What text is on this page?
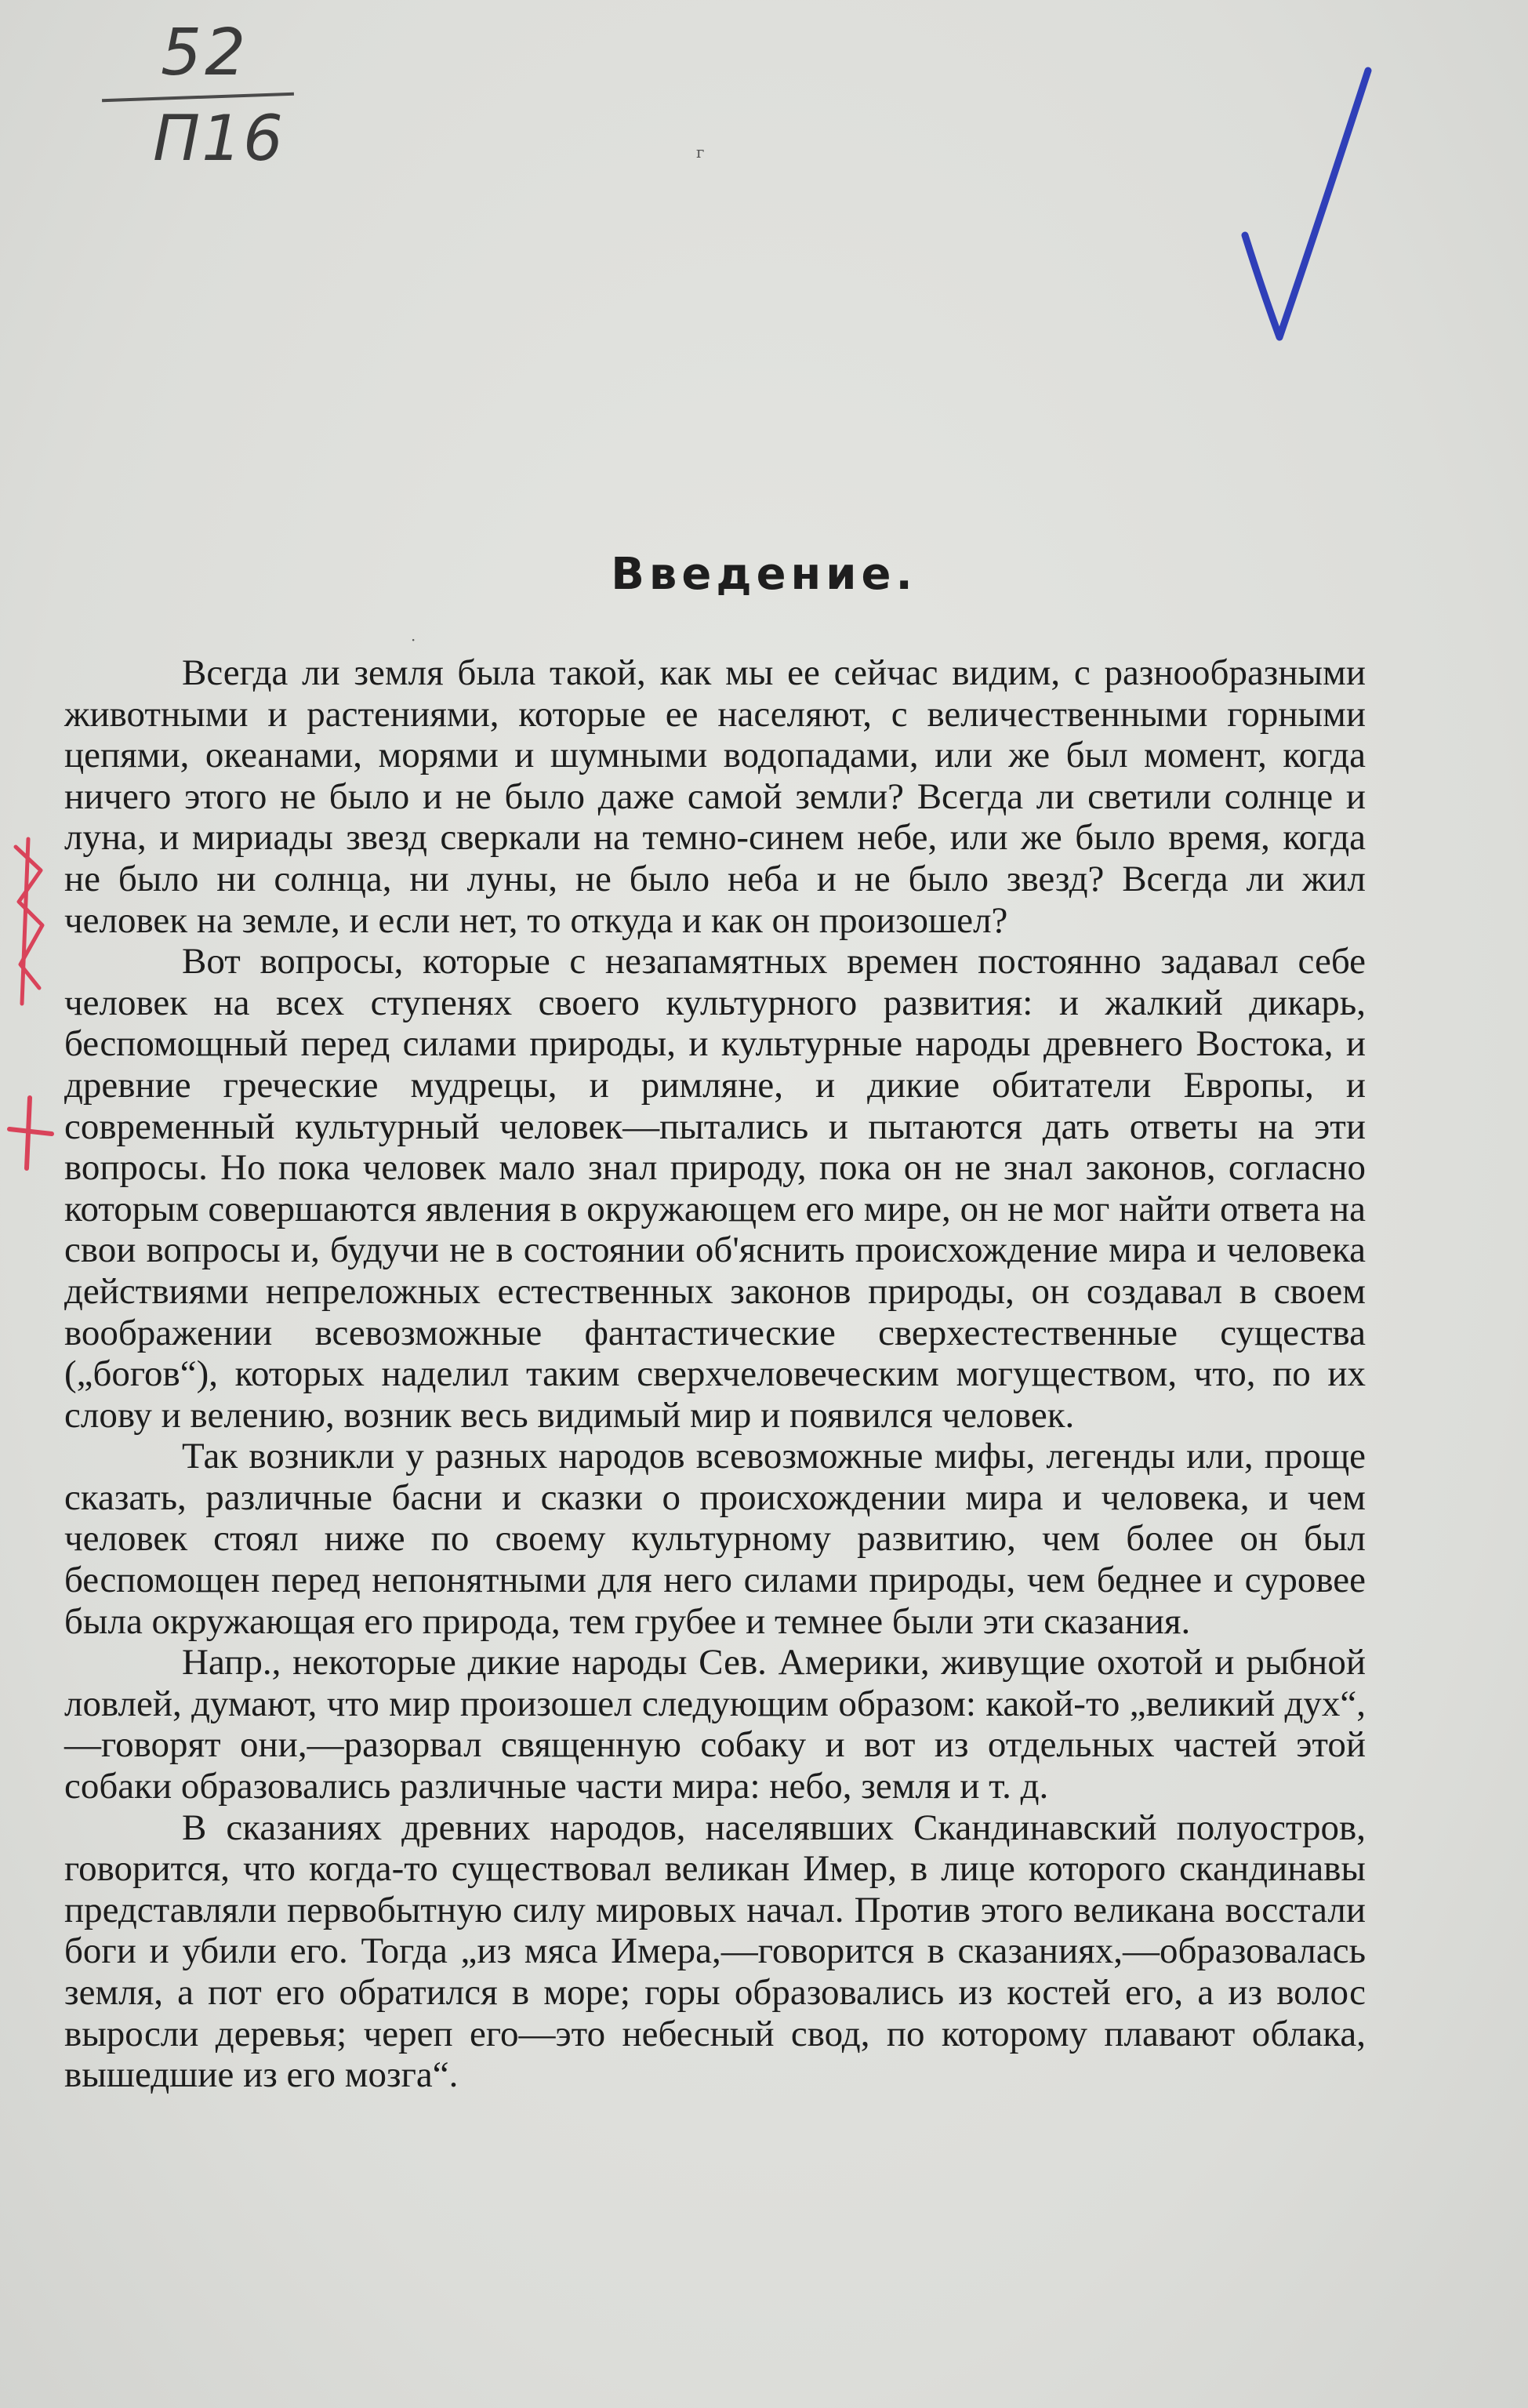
52
П16	г
·
Введение.

Всегда ли земля была такой, как мы ее сейчас видим, с разнообразными животными и растениями, которые ее населяют, с величественными горными цепями, океанами, морями и шумными водопадами, или же был момент, когда ничего этого не было и не было даже самой земли? Всегда ли светили солнце и луна, и мириады звезд сверкали на темно-синем небе, или же было время, когда не было ни солнца, ни луны, не было неба и не было звезд? Всегда ли жил человек на земле, и если нет, то откуда и как он произошел?

Вот вопросы, которые с незапамятных времен постоянно задавал себе человек на всех ступенях своего культурного развития: и жалкий дикарь, беспомощный перед силами природы, и культурные народы древнего Востока, и древние греческие мудрецы, и римляне, и дикие обитатели Европы, и современный культурный человек—пытались и пытаются дать ответы на эти вопросы. Но пока человек мало знал природу, пока он не знал законов, согласно которым совершаются явления в окружающем его мире, он не мог найти ответа на свои вопросы и, будучи не в состоянии об'яснить происхождение мира и человека действиями непреложных естественных законов природы, он создавал в своем воображении всевозможные фантастические сверхестественные существа („богов“), которых наделил таким сверхчеловеческим могуществом, что, по их слову и велению, возник весь видимый мир и появился человек.

Так возникли у разных народов всевозможные мифы, легенды или, проще сказать, различные басни и сказки о происхождении мира и человека, и чем человек стоял ниже по своему культурному развитию, чем более он был беспомощен перед непонятными для него силами природы, чем беднее и суровее была окружающая его природа, тем грубее и темнее были эти сказания.

Напр., некоторые дикие народы Сев. Америки, живущие охотой и рыбной ловлей, думают, что мир произошел следующим образом: какой-то „великий дух“,—говорят они,—разорвал священную собаку и вот из отдельных частей этой собаки образовались различные части мира: небо, земля и т. д.

В сказаниях древних народов, населявших Скандинавский полуостров, говорится, что когда-то существовал великан Имер, в лице которого скандинавы представляли первобытную силу мировых начал. Против этого великана восстали боги и убили его. Тогда „из мяса Имера,—говорится в сказаниях,—образовалась земля, а пот его обратился в море; горы образовались из костей его, а из волос выросли деревья; череп его—это небесный свод, по которому плавают облака, вышедшие из его мозга“.
